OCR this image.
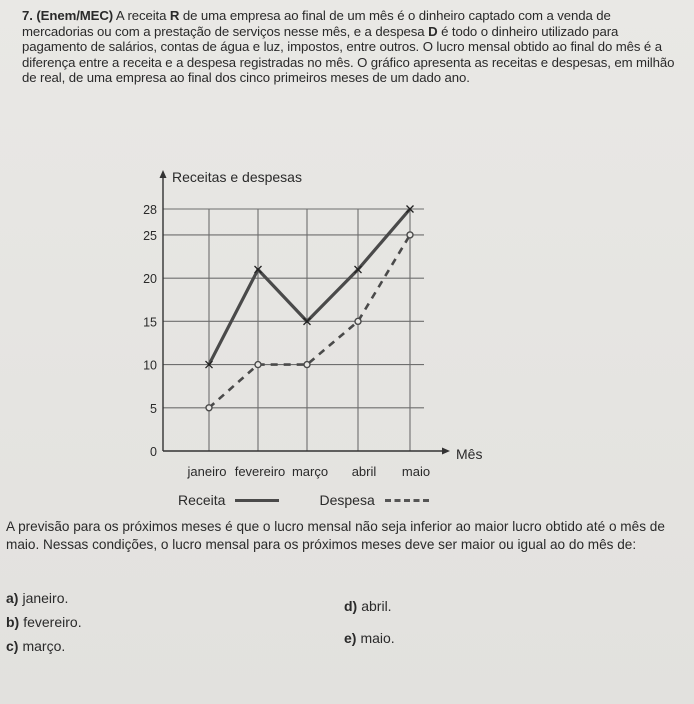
7. (Enem/MEC) A receita R de uma empresa ao final de um mês é o dinheiro captado com a venda de mercadorias ou com a prestação de serviços nesse mês, e a despesa D é todo o dinheiro utilizado para pagamento de salários, contas de água e luz, impostos, entre outros. O lucro mensal obtido ao final do mês é a diferença entre a receita e a despesa registradas no mês. O gráfico apresenta as receitas e despesas, em milhão de real, de uma empresa ao final dos cinco primeiros meses de um dado ano.
Receitas e despesas
Mês
0
5
10
15
20
25
28
janeiro fevereiro março abril maio
Receita	Despesa
A previsão para os próximos meses é que o lucro mensal não seja inferior ao maior lucro obtido até o mês de maio. Nessas condições, o lucro mensal para os próximos meses deve ser maior ou igual ao do mês de:
a) janeiro.
b) fevereiro.
c) março.
d) abril.
e) maio.
